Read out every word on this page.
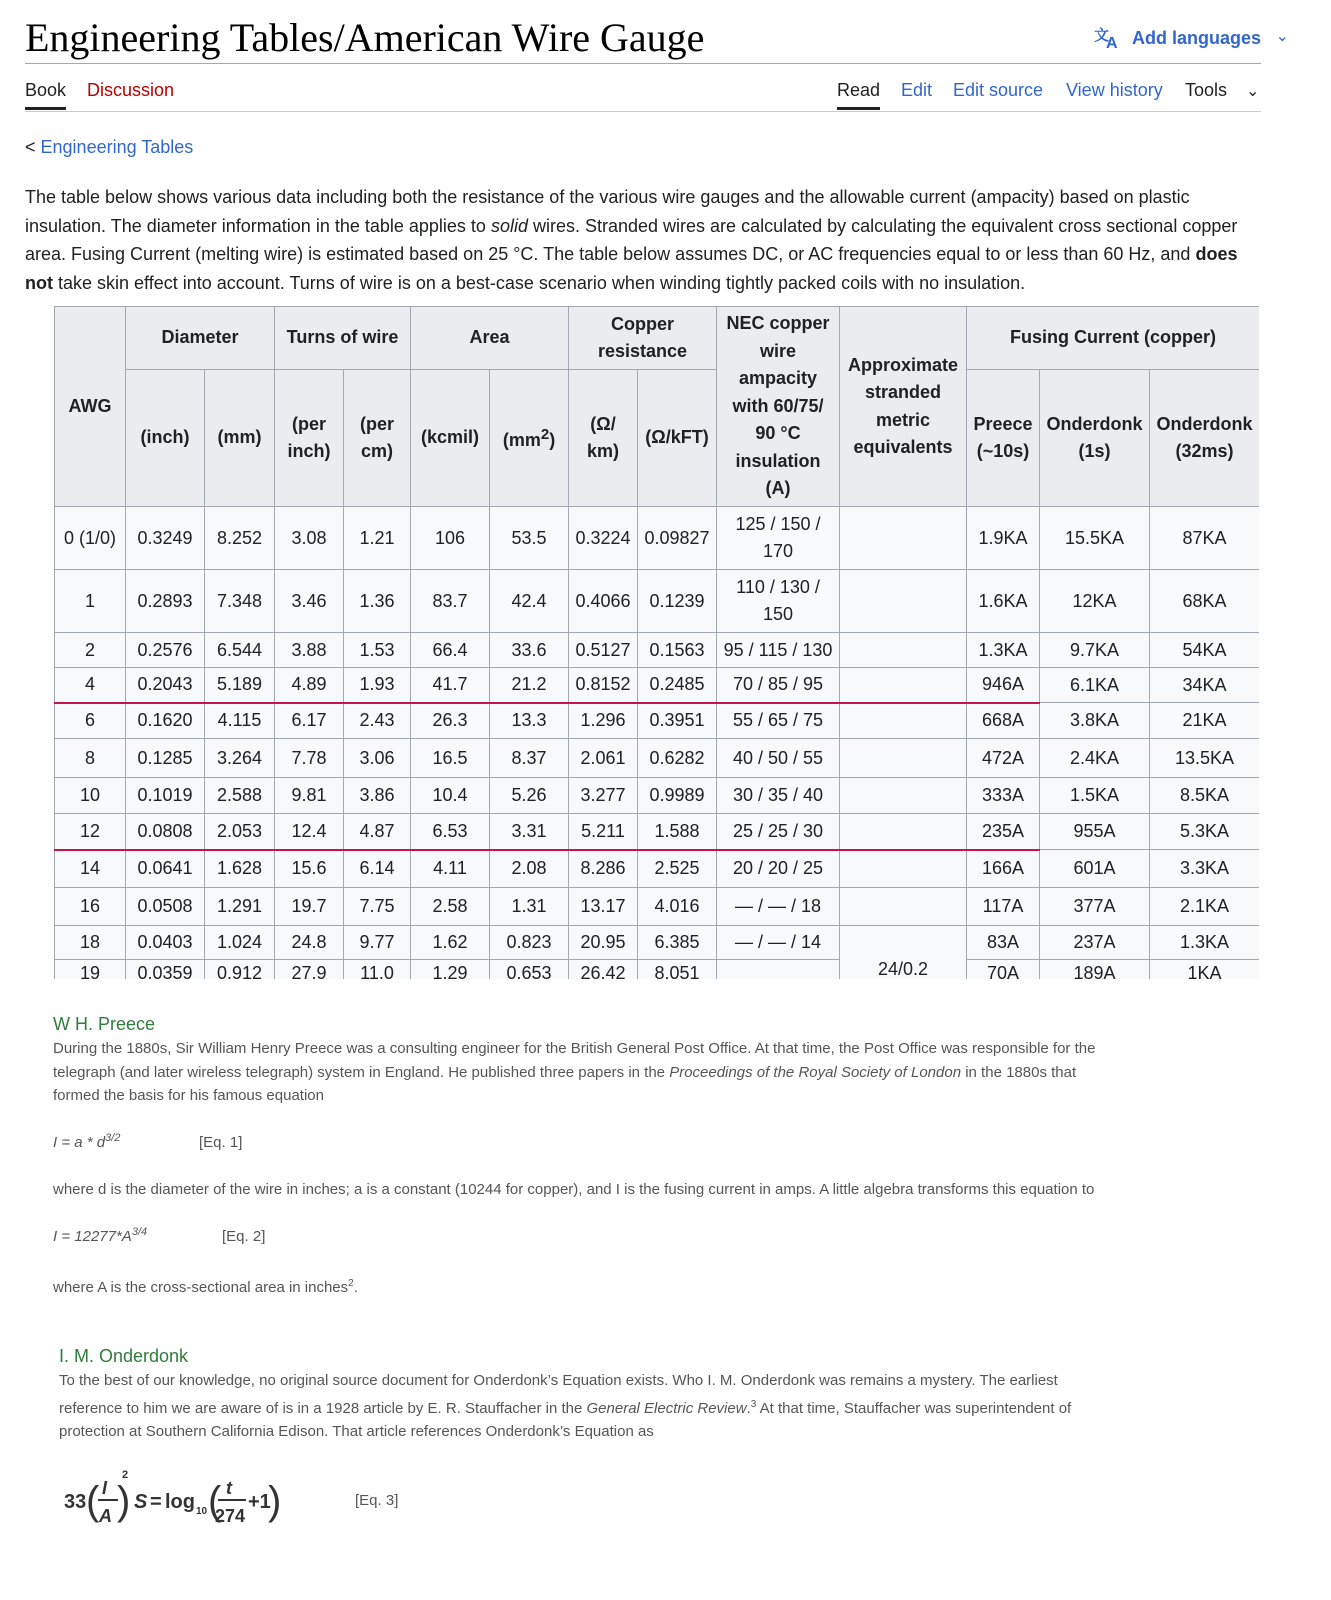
Engineering Tables/American Wire Gauge	文
A Add languages ⌄
Book Discussion	Read Edit Edit source View history Tools ⌄
< Engineering Tables

The table below shows various data including both the resistance of the various wire gauges and the allowable current (ampacity) based on plastic insulation. The diameter information in the table applies to solid wires. Stranded wires are calculated by calculating the equivalent cross sectional copper area. Fusing Current (melting wire) is estimated based on 25 °C. The table below assumes DC, or AC frequencies equal to or less than 60 Hz, and does not take skin effect into account. Turns of wire is on a best-case scenario when winding tightly packed coils with no insulation.

AWG	Diameter		Turns of wire		Area		Copper resistance		NEC copper wire ampacity with 60/75/ 90 °C insulation (A)	Approximate stranded metric equivalents	Fusing Current (copper)		
	(inch)	(mm)	(per inch)	(per cm)	(kcmil)	$(mm^2)$	(Ω/ km)	(Ω/kFT)			Preece (~10s)	Onderdonk (1s)	Onderdonk (32ms)
0 (1/0)	0.3249	8.252	3.08	1.21	106	53.5	0.3224	0.09827	125 / 150 / 170		1.9KA	15.5KA	87KA
1	0.2893	7.348	3.46	1.36	83.7	42.4	0.4066	0.1239	110 / 130 / 150		1.6KA	12KA	68KA
2	0.2576	6.544	3.88	1.53	66.4	33.6	0.5127	0.1563	95 / 115 / 130		1.3KA	9.7KA	54KA
4	0.2043	5.189	4.89	1.93	41.7	21.2	0.8152	0.2485	70 / 85 / 95		946A	6.1KA	34KA
6	0.1620	4.115	6.17	2.43	26.3	13.3	1.296	0.3951	55 / 65 / 75		668A	3.8KA	21KA
8	0.1285	3.264	7.78	3.06	16.5	8.37	2.061	0.6282	40 / 50 / 55		472A	2.4KA	13.5KA
10	0.1019	2.588	9.81	3.86	10.4	5.26	3.277	0.9989	30 / 35 / 40		333A	1.5KA	8.5KA
12	0.0808	2.053	12.4	4.87	6.53	3.31	5.211	1.588	25 / 25 / 30		235A	955A	5.3KA
14	0.0641	1.628	15.6	6.14	4.11	2.08	8.286	2.525	20 / 20 / 25		166A	601A	3.3KA
16	0.0508	1.291	19.7	7.75	2.58	1.31	13.17	4.016	— / — / 18		117A	377A	2.1KA
18	0.0403	1.024	24.8	9.77	1.62	0.823	20.95	6.385	— / — / 14	24/0.2	83A	237A	1.3KA
19	0.0359	0.912	27.9	11.0	1.29	0.653	26.42	8.051			70A	189A	1KA
W H. Preece

During the 1880s, Sir William Henry Preece was a consulting engineer for the British General Post Office. At that time, the Post Office was responsible for the telegraph (and later wireless telegraph) system in England. He published three papers in the Proceedings of the Royal Society of London in the 1880s that formed the basis for his famous equation

$I = a * d^{3/2}$	[Eq. 1]

where d is the diameter of the wire in inches; a is a constant (10244 for copper), and I is the fusing current in amps. A little algebra transforms this equation to

$I = 12277*A^{3/4}$	[Eq. 2]

where A is the cross-sectional area in inches$^2$.

I. M. Onderdonk

To the best of our knowledge, no original source document for Onderdonk’s Equation exists. Who I. M. Onderdonk was remains a mystery. The earliest reference to him we are aware of is in a 1928 article by E. R. Stauffacher in the General Electric Review.$^3$ At that time, Stauffacher was superintendent of protection at Southern California Edison. That article references Onderdonk’s Equation as

33 ( I
A )
2
S = log 10 ( t
274
+1
)	[Eq. 3]
